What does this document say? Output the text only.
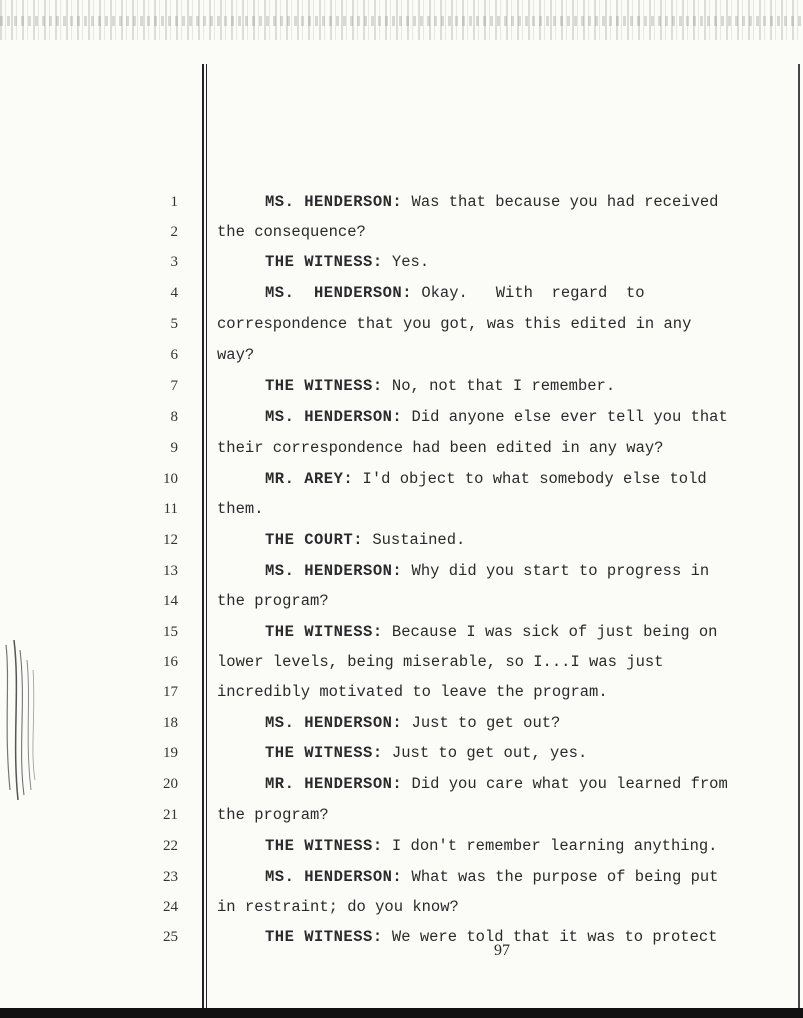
1	MS. HENDERSON: Was that because you had received
2	the consequence?
3	THE WITNESS: Yes.
4	MS.  HENDERSON: Okay.   With  regard  to
5	correspondence that you got, was this edited in any
6	way?
7	THE WITNESS: No, not that I remember.
8	MS. HENDERSON: Did anyone else ever tell you that
9	their correspondence had been edited in any way?
10	MR. AREY: I'd object to what somebody else told
11	them.
12	THE COURT: Sustained.
13	MS. HENDERSON: Why did you start to progress in
14	the program?
15	THE WITNESS: Because I was sick of just being on
16	lower levels, being miserable, so I...I was just
17	incredibly motivated to leave the program.
18	MS. HENDERSON: Just to get out?
19	THE WITNESS: Just to get out, yes.
20	MR. HENDERSON: Did you care what you learned from
21	the program?
22	THE WITNESS: I don't remember learning anything.
23	MS. HENDERSON: What was the purpose of being put
24	in restraint; do you know?
25	THE WITNESS: We were told that it was to protect
97
